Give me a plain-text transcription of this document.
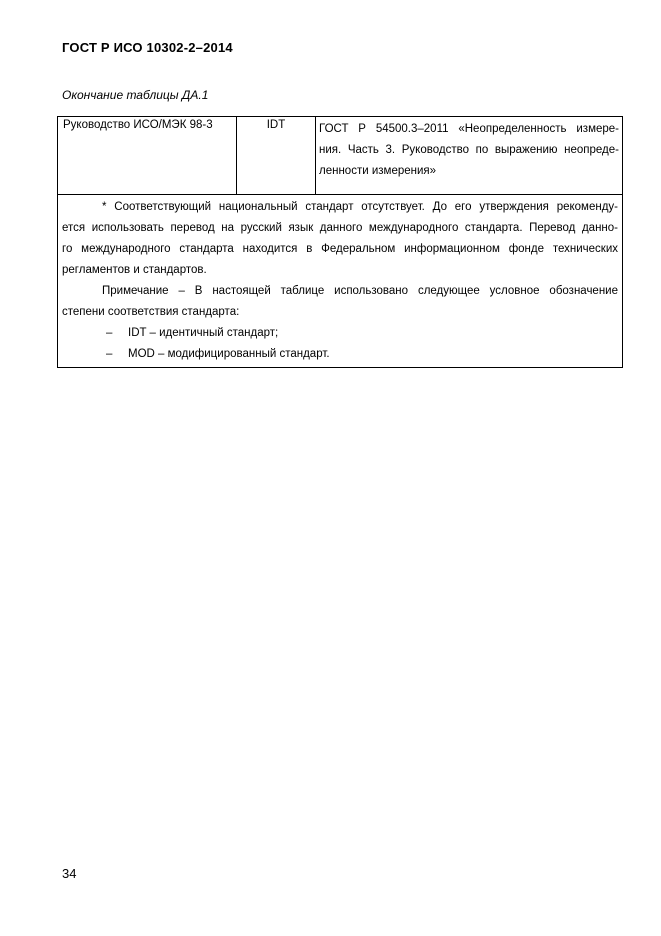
ГОСТ Р ИСО 10302-2–2014
Окончание таблицы ДА.1
Руководство ИСО/МЭК 98-3	IDT	ГОСТ Р 54500.3–2011 «Неопределенность измере-
ния. Часть 3. Руководство по выражению неопреде-
ленности измерения»
* Соответствующий национальный стандарт отсутствует. До его утверждения рекоменду-
ется использовать перевод на русский язык данного международного стандарта. Перевод данно-
го международного стандарта находится в Федеральном информационном фонде технических
регламентов и стандартов.
Примечание – В настоящей таблице использовано следующее условное обозначение
степени соответствия стандарта:
– IDT – идентичный стандарт;
– MOD – модифицированный стандарт.
34
